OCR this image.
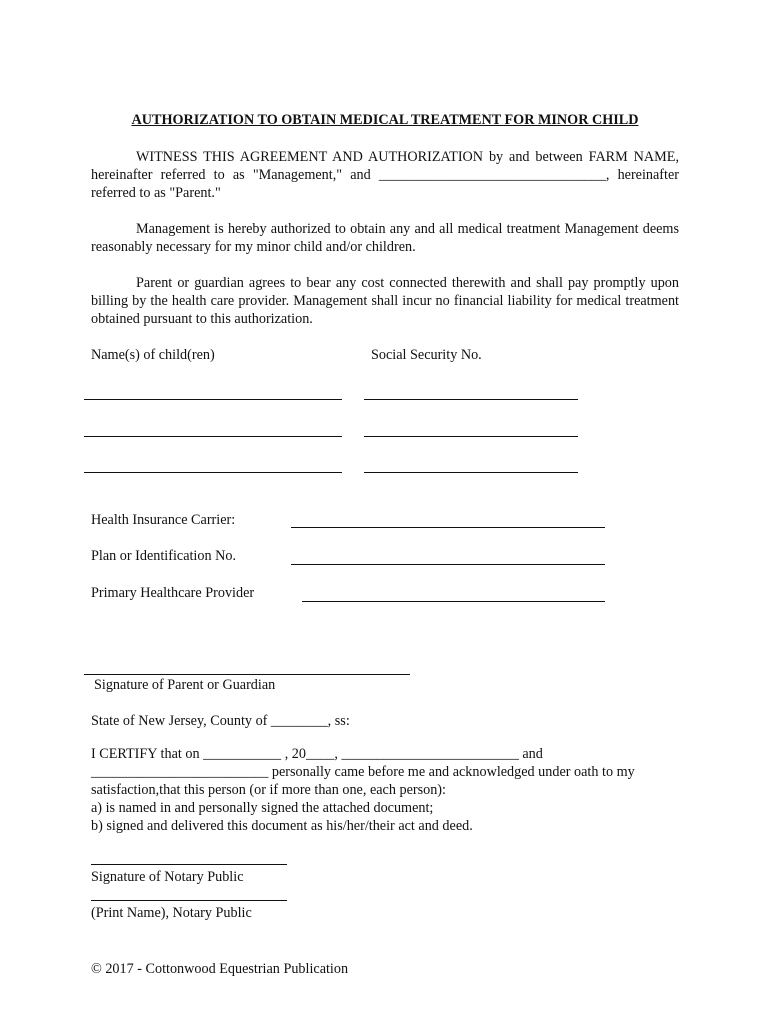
AUTHORIZATION TO OBTAIN MEDICAL TREATMENT FOR MINOR CHILD
WITNESS THIS AGREEMENT AND AUTHORIZATION by and between FARM NAME, hereinafter referred to as "Management," and ________________________________, hereinafter referred to as "Parent."
Management is hereby authorized to obtain any and all medical treatment Management deems reasonably necessary for my minor child and/or children.
Parent or guardian agrees to bear any cost connected therewith and shall pay promptly upon billing by the health care provider. Management shall incur no financial liability for medical treatment obtained pursuant to this authorization.
Name(s) of child(ren)	Social Security No.
Health Insurance Carrier:
Plan or Identification No.
Primary Healthcare Provider
Signature of Parent or Guardian
State of New Jersey, County of ________, ss:
I CERTIFY that on ___________ , 20____, _________________________ and
_________________________ personally came before me and acknowledged under oath to my
satisfaction,that this person (or if more than one, each person):
a) is named in and personally signed the attached document;
b) signed and delivered this document as his/her/their act and deed.
Signature of Notary Public
(Print Name), Notary Public
© 2017 - Cottonwood Equestrian Publication
